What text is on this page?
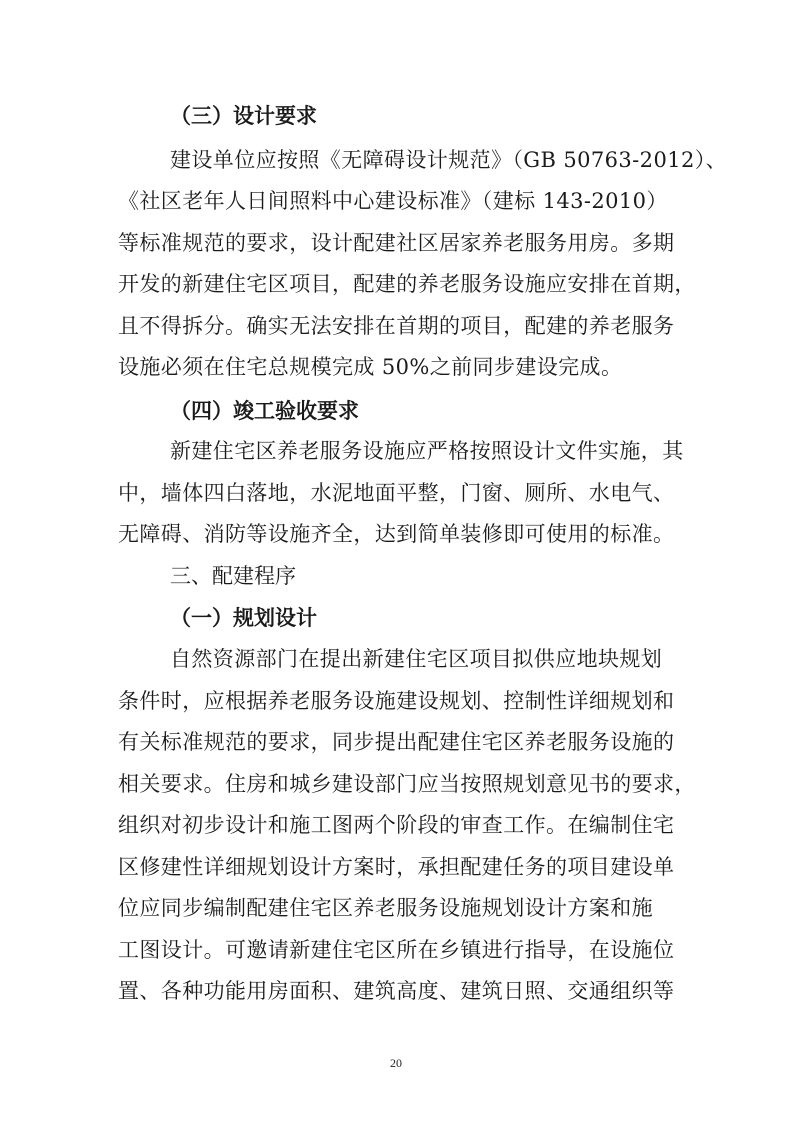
（三）设计要求
建设单位应按照《无障碍设计规范》（GB 50763-2012）、
《社区老年人日间照料中心建设标准》（建标 143-2010）
等标准规范的要求，设计配建社区居家养老服务用房。多期
开发的新建住宅区项目，配建的养老服务设施应安排在首期，
且不得拆分。确实无法安排在首期的项目，配建的养老服务
设施必须在住宅总规模完成 50%之前同步建设完成。
（四）竣工验收要求
新建住宅区养老服务设施应严格按照设计文件实施，其
中，墙体四白落地，水泥地面平整，门窗、厕所、水电气、
无障碍、消防等设施齐全，达到简单装修即可使用的标准。
三、配建程序
（一）规划设计
自然资源部门在提出新建住宅区项目拟供应地块规划
条件时，应根据养老服务设施建设规划、控制性详细规划和
有关标准规范的要求，同步提出配建住宅区养老服务设施的
相关要求。住房和城乡建设部门应当按照规划意见书的要求，
组织对初步设计和施工图两个阶段的审查工作。在编制住宅
区修建性详细规划设计方案时，承担配建任务的项目建设单
位应同步编制配建住宅区养老服务设施规划设计方案和施
工图设计。可邀请新建住宅区所在乡镇进行指导，在设施位
置、各种功能用房面积、建筑高度、建筑日照、交通组织等
20
